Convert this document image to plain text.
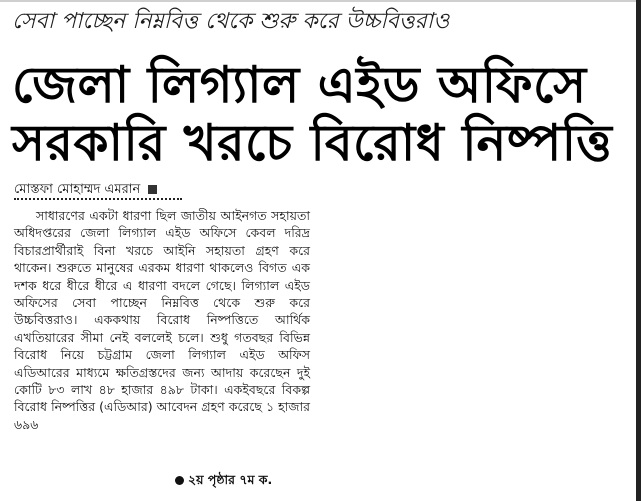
সেবা পাচ্ছেন নিম্নবিত্ত থেকে শুরু করে উচ্চবিত্তরাও
জেলা লিগ্যাল এইড অফিসে
সরকারি খরচে বিরোধ নিষ্পত্তি
মোস্তফা মোহাম্মদ এমরান

সাধারণের একটা ধারণা ছিল জাতীয় আইনগত সহায়তা অধিদপ্তরের জেলা লিগ্যাল এইড অফিসে কেবল দরিদ্র বিচারপ্রার্থীরাই বিনা খরচে আইনি সহায়তা গ্রহণ করে থাকেন। শুরুতে মানুষের এরকম ধারণা থাকলেও বিগত এক দশক ধরে ধীরে ধীরে এ ধারণা বদলে গেছে। লিগ্যাল এইড অফিসের সেবা পাচ্ছেন নিম্নবিত্ত থেকে শুরু করে উচ্চবিত্তরাও। এককথায় বিরোধ নিষ্পত্তিতে আর্থিক এখতিয়ারের সীমা নেই বললেই চলে। শুধু গতবছর বিভিন্ন বিরোধ নিয়ে চট্টগ্রাম জেলা লিগ্যাল এইড অফিস এডিআরের মাধ্যমে ক্ষতিগ্রস্তদের জন্য আদায় করেছেন দুই কোটি ৮৩ লাখ ৪৮ হাজার ৪৯৮ টাকা। একইবছরে বিকল্প বিরোধ নিষ্পত্তির (এডিআর) আবেদন গ্রহণ করেছে ১ হাজার ৬৯৬

২য় পৃষ্ঠার ৭ম ক.
